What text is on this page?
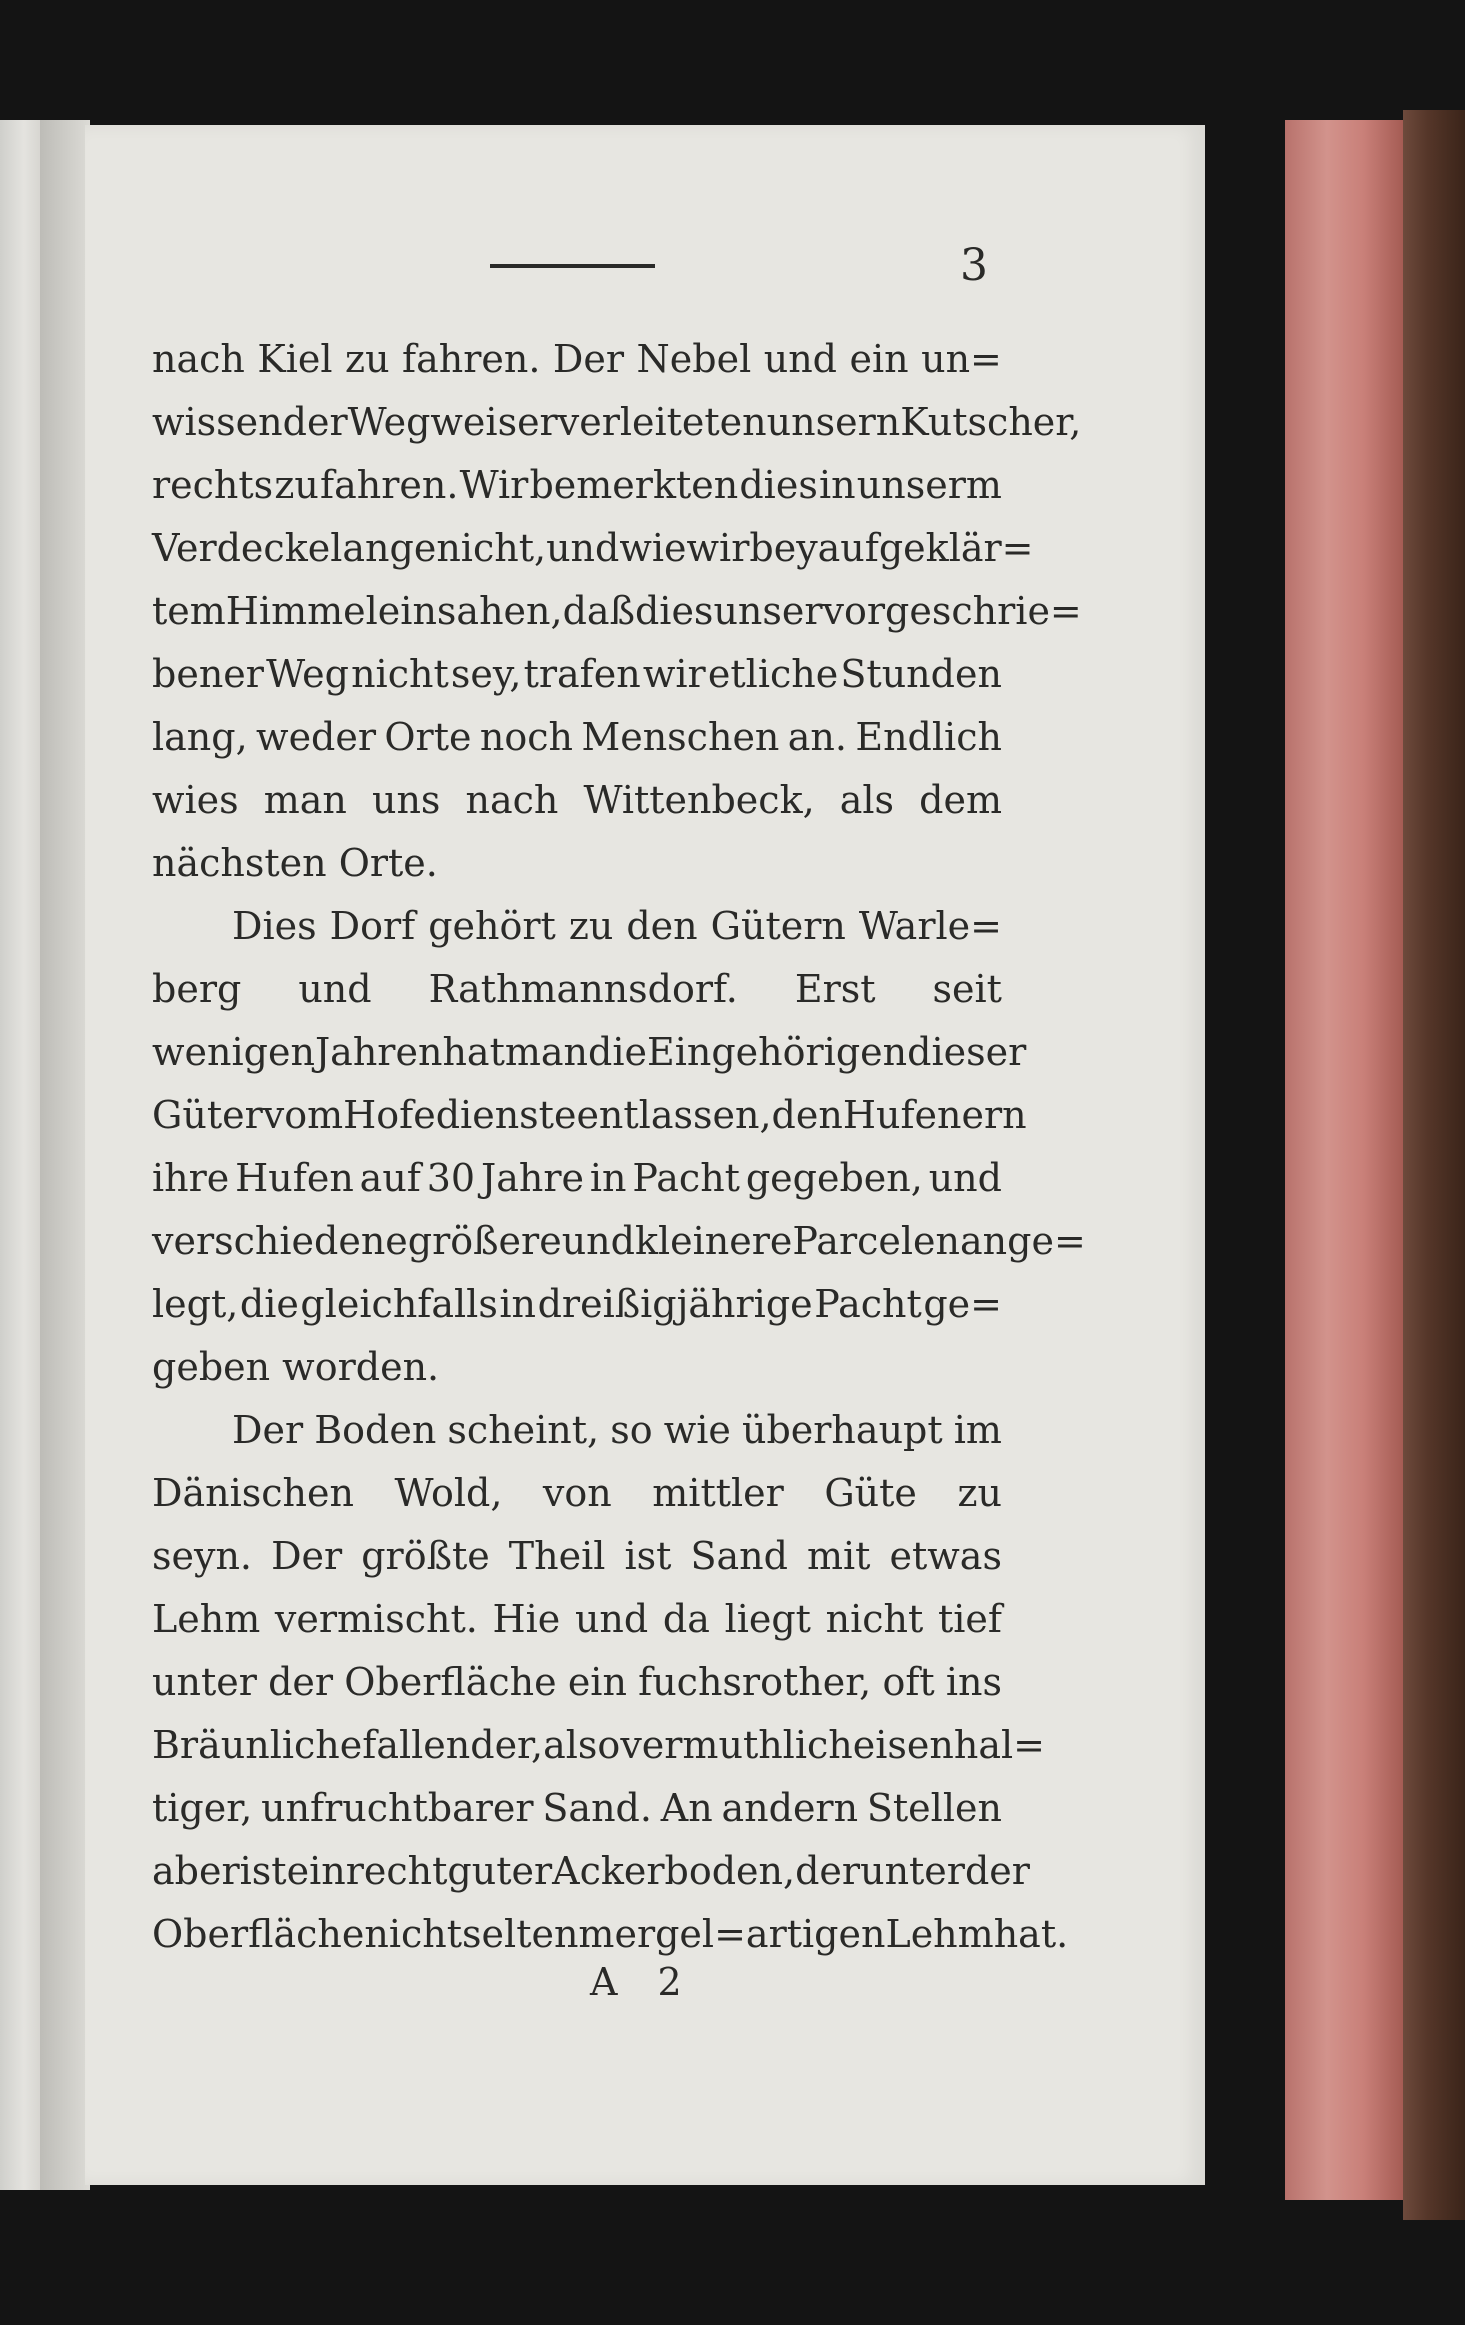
3
nach Kiel zu fahren. Der Nebel und ein un=
wissender Wegweiser verleiteten unsern Kutscher,
rechts zu fahren. Wir bemerkten dies in unserm
Verdecke lange nicht, und wie wir bey aufgeklär=
tem Himmel einsahen, daß dies unser vorgeschrie=
bener Weg nicht sey, trafen wir etliche Stunden
lang, weder Orte noch Menschen an. Endlich
wies man uns nach Wittenbeck, als dem
nächsten Orte.
Dies Dorf gehört zu den Gütern Warle=
berg und Rathmannsdorf. Erst seit
wenigen Jahren hat man die Eingehörigen dieser
Güter vom Hofedienste entlassen, den Hufenern
ihre Hufen auf 30 Jahre in Pacht gegeben, und
verschiedene größere und kleinere Parcelen ange=
legt, die gleichfalls in dreißigjährige Pacht ge=
geben worden.
Der Boden scheint, so wie überhaupt im
Dänischen Wold, von mittler Güte zu
seyn. Der größte Theil ist Sand mit etwas
Lehm vermischt. Hie und da liegt nicht tief
unter der Oberfläche ein fuchsrother, oft ins
Bräunliche fallender, also vermuthlich eisenhal=
tiger, unfruchtbarer Sand. An andern Stellen
aber ist ein recht guter Ackerboden, der unter der
Oberfläche nicht selten mergel=artigen Lehm hat.
A 2
